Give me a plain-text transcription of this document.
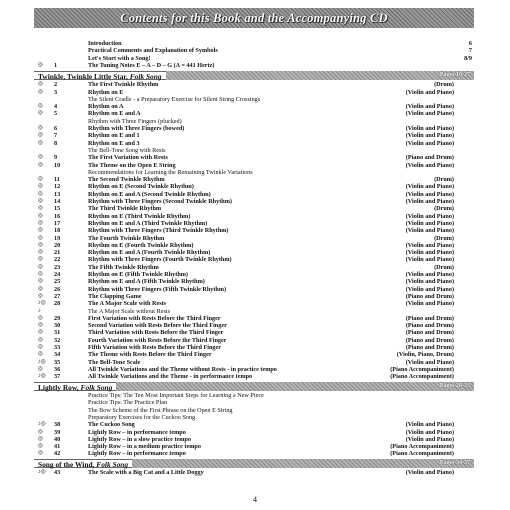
Contents for this Book and the Accompanying CD
Introduction	6
Practical Comments and Explanation of Symbols	7
Let's Start with a Song!	8/9
◎ 1	The Tuning Notes E – A – D – G (A = 441 Hertz)
Twinkle, Twinkle Little Star, Folk Song	Pages 10-27
◎ 2	The First Twinkle Rhythm	(Drum)
◎ 3	Rhythm on E	(Violin and Piano)
The Silent Cradle - a Preparatory Exercise for Silent String Crossings
◎ 4	Rhythm on A	(Violin and Piano)
◎ 5	Rhythm on E and A	(Violin and Piano)
Rhythm with Three Fingers (plucked)
◎ 6	Rhythm with Three Fingers (bowed)	(Violin and Piano)
◎ 7	Rhythm on E and 1	(Violin and Piano)
◎ 8	Rhythm on E and 3	(Violin and Piano)
The Bell-Tone Song with Rests
◎ 9	The First Variation with Rests	(Piano and Drum)
◎ 10	The Theme on the Open E String	(Violin and Piano)
Recommendations for Learning the Remaining Twinkle Variations
◎ 11	The Second Twinkle Rhythm	(Drum)
◎ 12	Rhythm on E (Second Twinkle Rhythm)	(Violin and Piano)
◎ 13	Rhythm on E and A (Second Twinkle Rhythm)	(Violin and Piano)
◎ 14	Rhythm with Three Fingers (Second Twinkle Rhythm)	(Violin and Piano)
◎ 15	The Third Twinkle Rhythm	(Drum)
◎ 16	Rhythm on E (Third Twinkle Rhythm)	(Violin and Piano)
◎ 17	Rhythm on E and A (Third Twinkle Rhythm)	(Violin and Piano)
◎ 18	Rhythm with Three Fingers (Third Twinkle Rhythm)	(Violin and Piano)
◎ 19	The Fourth Twinkle Rhythm	(Drum)
◎ 20	Rhythm on E (Fourth Twinkle Rhythm)	(Violin and Piano)
◎ 21	Rhythm on E and A (Fourth Twinkle Rhythm)	(Violin and Piano)
◎ 22	Rhythm with Three Fingers (Fourth Twinkle Rhythm)	(Violin and Piano)
◎ 23	The Fifth Twinkle Rhythm	(Drum)
◎ 24	Rhythm on E (Fifth Twinkle Rhythm)	(Violin and Piano)
◎ 25	Rhythm on E and A (Fifth Twinkle Rhythm)	(Violin and Piano)
◎ 26	Rhythm with Three Fingers (Fifth Twinkle Rhythm)	(Violin and Piano)
◎ 27	The Clapping Game	(Piano and Drum)
♪◎ 28	The A Major Scale with Rests	(Violin and Piano)
♪	The A Major Scale without Rests
◎ 29	First Variation with Rests Before the Third Finger	(Piano and Drum)
◎ 30	Second Variation with Rests Before the Third Finger	(Piano and Drum)
◎ 31	Third Variation with Rests Before the Third Finger	(Piano and Drum)
◎ 32	Fourth Variation with Rests Before the Third Finger	(Piano and Drum)
◎ 33	Fifth Variation with Rests Before the Third Finger	(Piano and Drum)
◎ 34	The Theme with Rests Before the Third Finger	(Violin, Piano, Drum)
♪◎ 35	The Bell-Tone Scale	(Violin and Piano)
◎ 36	All Twinkle Variations and the Theme without Rests - in practice tempo	(Piano Accompaniment)
♪◎ 37	All Twinkle Variations and the Theme - in performance tempo	(Piano Accompaniment)
Lightly Row, Folk Song	Pages 28-33
Practice Tips: The Ten Most Important Steps for Learning a New Piece
Practice Tips: The Practice Plan
The Bow Scheme of the First Phrase on the Open E String
Preparatory Exercises for the Cuckoo Song
♪◎ 38	The Cuckoo Song	(Violin and Piano)
◎ 39	Lightly Row – in performance tempo	(Violin and Piano)
◎ 40	Lightly Row – in a slow practice tempo	(Violin and Piano)
◎ 41	Lightly Row – in a medium practice tempo	(Piano Accompaniment)
◎ 42	Lightly Row – in performance tempo	(Piano Accompaniment)
Song of the Wind, Folk Song	Pages 34-37
♪◎ 43	The Scale with a Big Cat and a Little Doggy	(Violin and Piano)
4
